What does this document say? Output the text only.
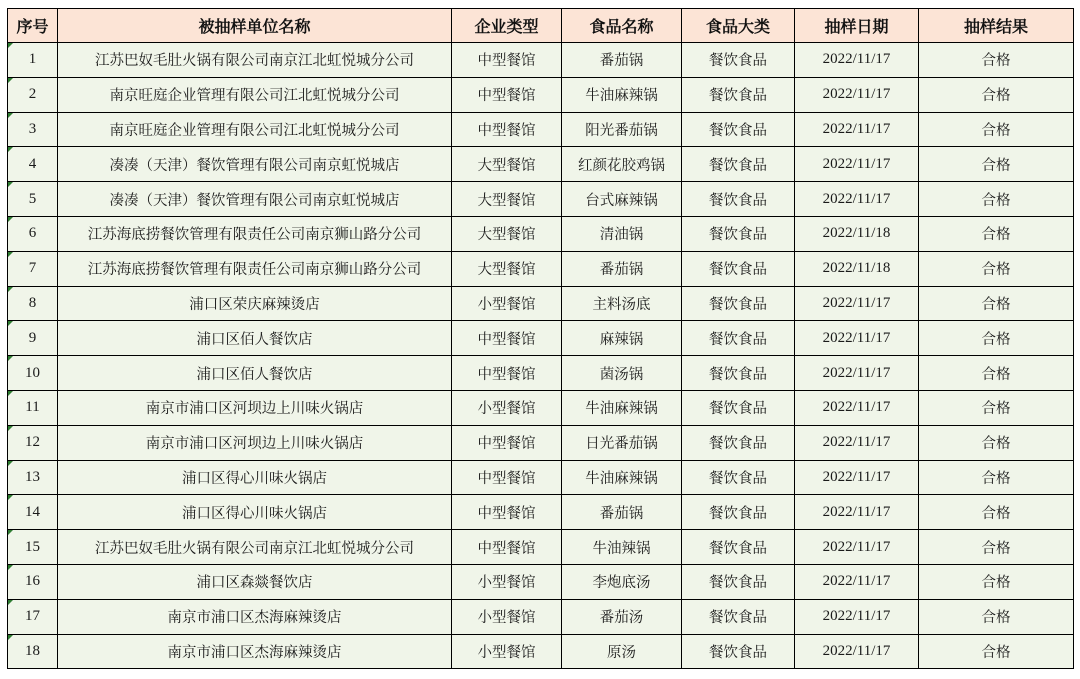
序号	被抽样单位名称	企业类型	食品名称	食品大类	抽样日期	抽样结果
1	江苏巴奴毛肚火锅有限公司南京江北虹悦城分公司	中型餐馆	番茄锅	餐饮食品	2022/11/17	合格
2	南京旺庭企业管理有限公司江北虹悦城分公司	中型餐馆	牛油麻辣锅	餐饮食品	2022/11/17	合格
3	南京旺庭企业管理有限公司江北虹悦城分公司	中型餐馆	阳光番茄锅	餐饮食品	2022/11/17	合格
4	凑凑（天津）餐饮管理有限公司南京虹悦城店	大型餐馆	红颜花胶鸡锅	餐饮食品	2022/11/17	合格
5	凑凑（天津）餐饮管理有限公司南京虹悦城店	大型餐馆	台式麻辣锅	餐饮食品	2022/11/17	合格
6	江苏海底捞餐饮管理有限责任公司南京狮山路分公司	大型餐馆	清油锅	餐饮食品	2022/11/18	合格
7	江苏海底捞餐饮管理有限责任公司南京狮山路分公司	大型餐馆	番茄锅	餐饮食品	2022/11/18	合格
8	浦口区荣庆麻辣烫店	小型餐馆	主料汤底	餐饮食品	2022/11/17	合格
9	浦口区佰人餐饮店	中型餐馆	麻辣锅	餐饮食品	2022/11/17	合格
10	浦口区佰人餐饮店	中型餐馆	菌汤锅	餐饮食品	2022/11/17	合格
11	南京市浦口区河坝边上川味火锅店	小型餐馆	牛油麻辣锅	餐饮食品	2022/11/17	合格
12	南京市浦口区河坝边上川味火锅店	中型餐馆	日光番茄锅	餐饮食品	2022/11/17	合格
13	浦口区得心川味火锅店	中型餐馆	牛油麻辣锅	餐饮食品	2022/11/17	合格
14	浦口区得心川味火锅店	中型餐馆	番茄锅	餐饮食品	2022/11/17	合格
15	江苏巴奴毛肚火锅有限公司南京江北虹悦城分公司	中型餐馆	牛油辣锅	餐饮食品	2022/11/17	合格
16	浦口区森燚餐饮店	小型餐馆	李炮底汤	餐饮食品	2022/11/17	合格
17	南京市浦口区杰海麻辣烫店	小型餐馆	番茄汤	餐饮食品	2022/11/17	合格
18	南京市浦口区杰海麻辣烫店	小型餐馆	原汤	餐饮食品	2022/11/17	合格
